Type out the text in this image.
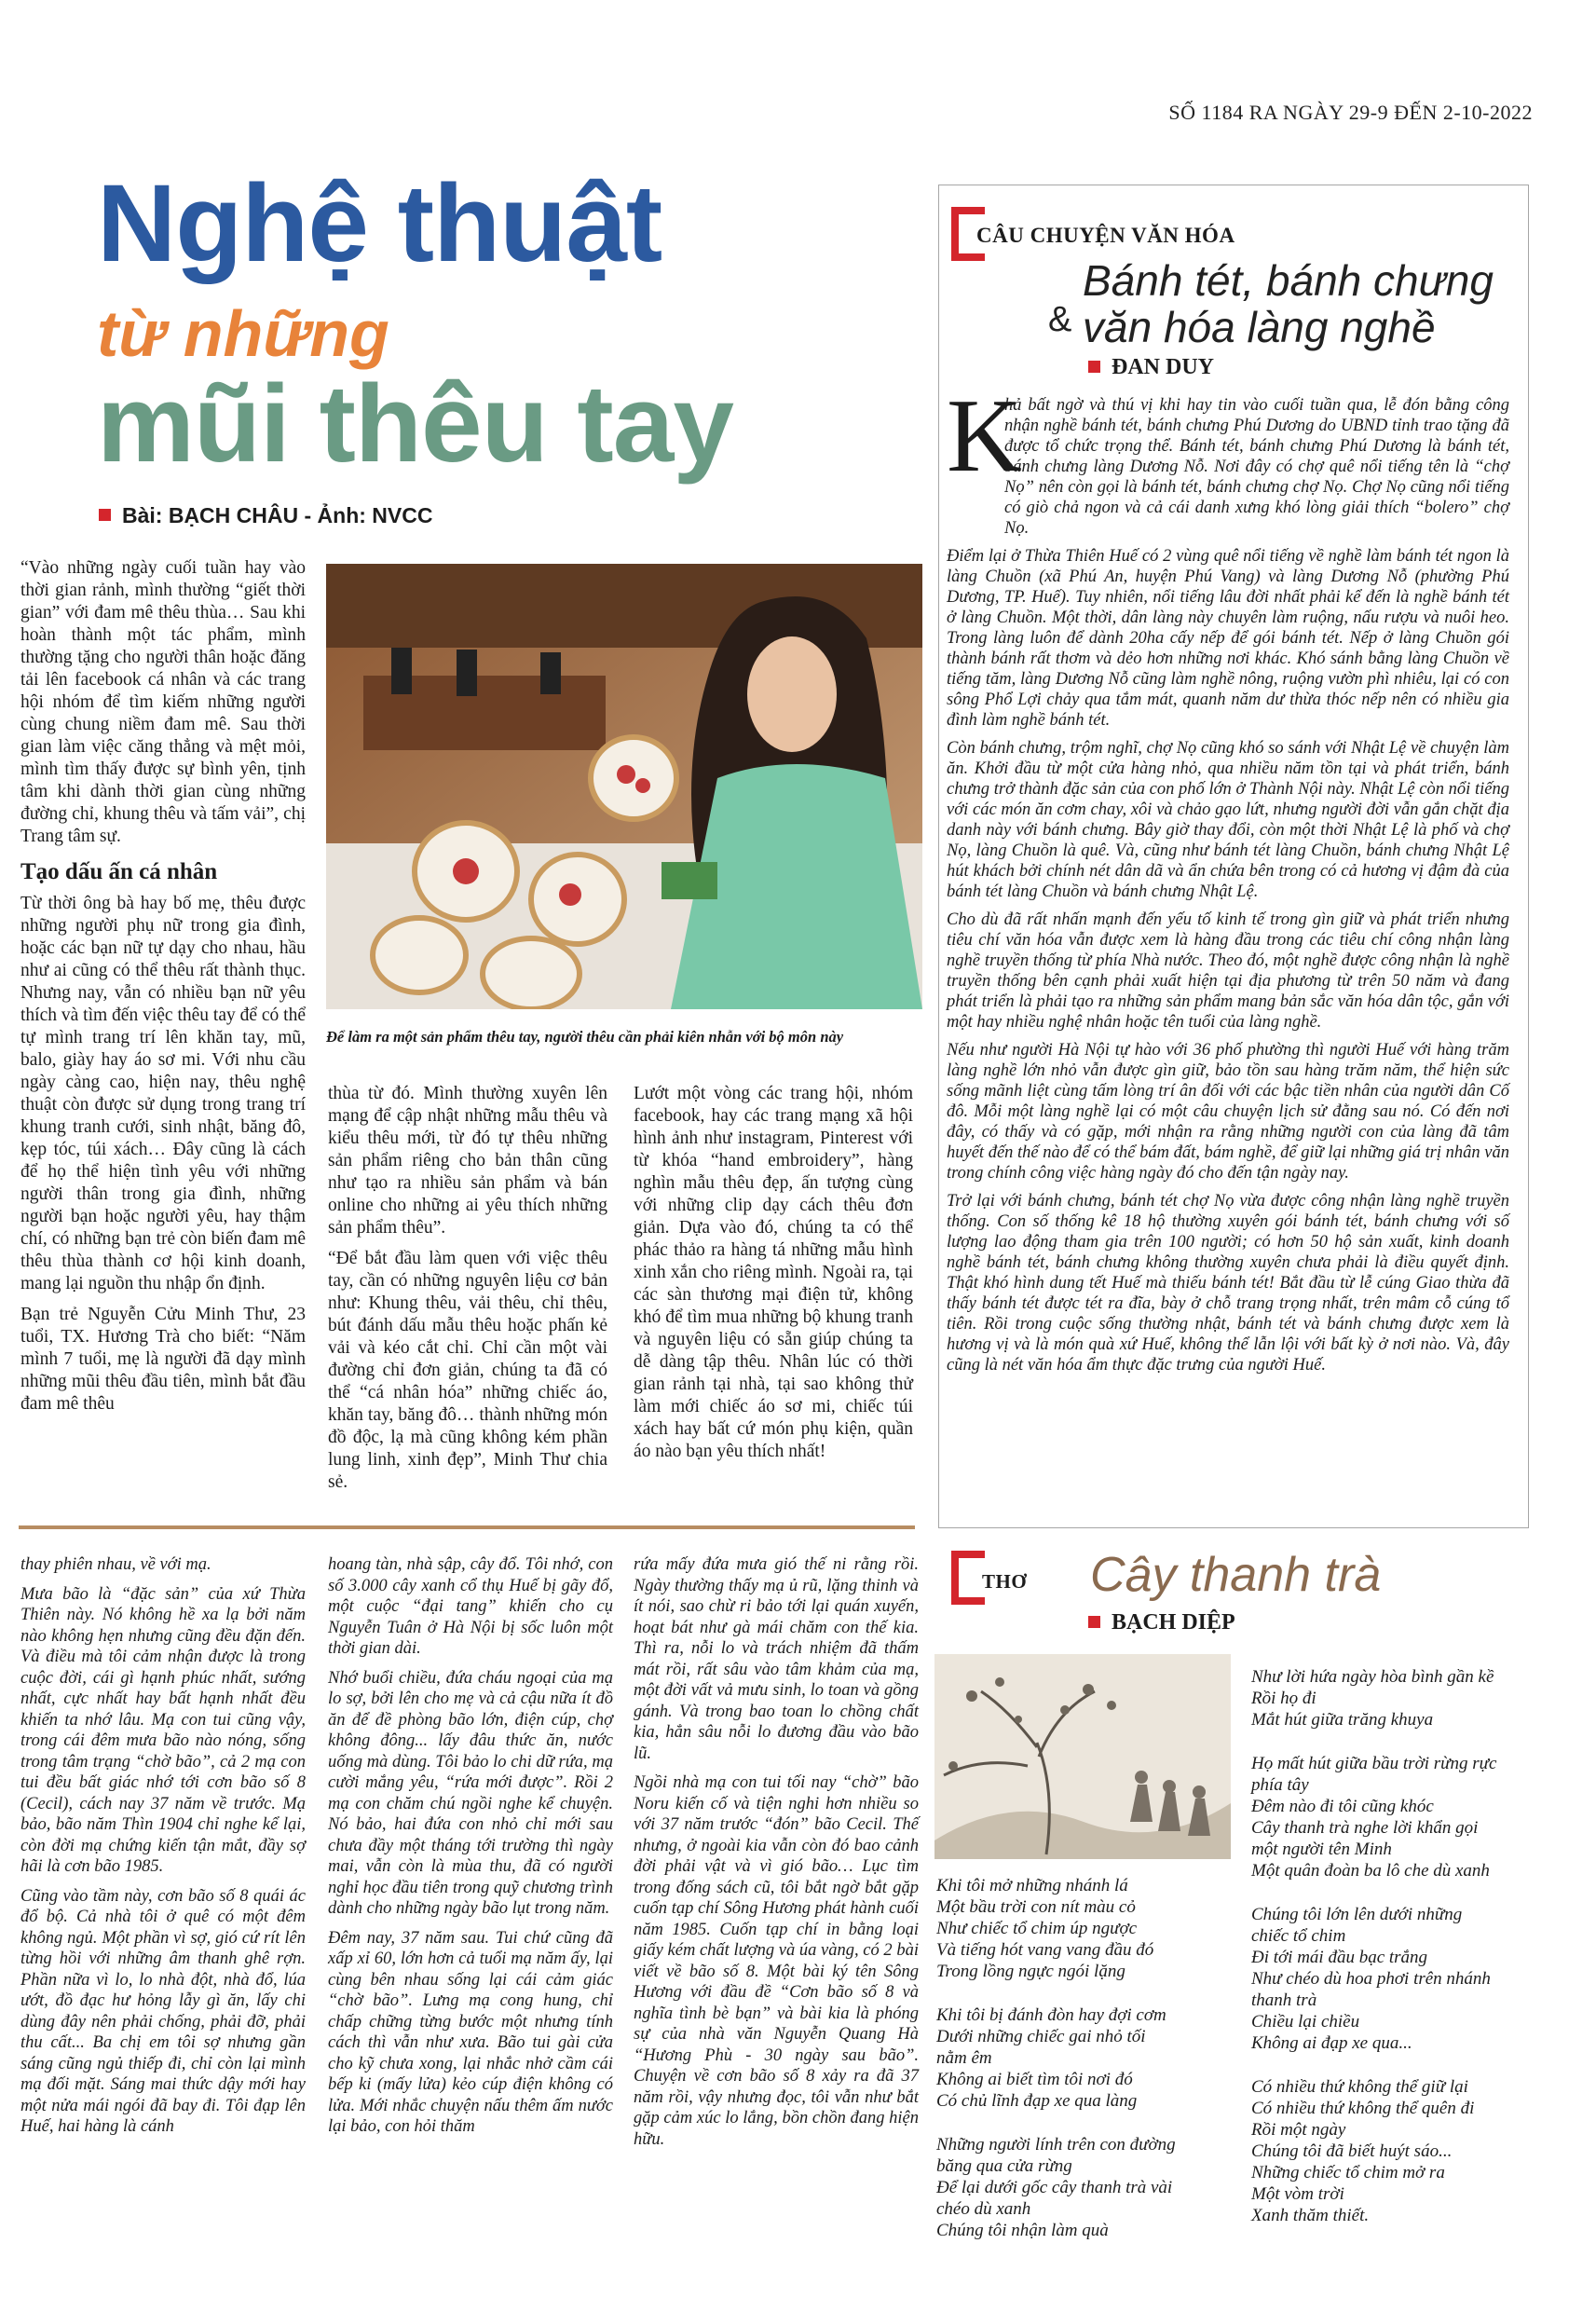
SỐ 1184 RA NGÀY 29-9 ĐẾN 2-10-2022
Nghệ thuật
từ những
mũi thêu tay
Bài: BẠCH CHÂU - Ảnh: NVCC
Để làm ra một sản phẩm thêu tay, người thêu cần phải kiên nhẫn với bộ môn này

“Vào những ngày cuối tuần hay vào thời gian rảnh, mình thường “giết thời gian” với đam mê thêu thùa… Sau khi hoàn thành một tác phẩm, mình thường tặng cho người thân hoặc đăng tải lên facebook cá nhân và các trang hội nhóm để tìm kiếm những người cùng chung niềm đam mê. Sau thời gian làm việc căng thẳng và mệt mỏi, mình tìm thấy được sự bình yên, tịnh tâm khi dành thời gian cùng những đường chỉ, khung thêu và tấm vải”, chị Trang tâm sự.

Tạo dấu ấn cá nhân

Từ thời ông bà hay bố mẹ, thêu được những người phụ nữ trong gia đình, hoặc các bạn nữ tự dạy cho nhau, hầu như ai cũng có thể thêu rất thành thục. Nhưng nay, vẫn có nhiều bạn nữ yêu thích và tìm đến việc thêu tay để có thể tự mình trang trí lên khăn tay, mũ, balo, giày hay áo sơ mi. Với nhu cầu ngày càng cao, hiện nay, thêu nghệ thuật còn được sử dụng trong trang trí khung tranh cưới, sinh nhật, băng đô, kẹp tóc, túi xách… Đây cũng là cách để họ thể hiện tình yêu với những người thân trong gia đình, những người bạn hoặc người yêu, hay thậm chí, có những bạn trẻ còn biến đam mê thêu thùa thành cơ hội kinh doanh, mang lại nguồn thu nhập ổn định.

Bạn trẻ Nguyễn Cửu Minh Thư, 23 tuổi, TX. Hương Trà cho biết: “Năm mình 7 tuổi, mẹ là người đã dạy mình những mũi thêu đầu tiên, mình bắt đầu đam mê thêu

thùa từ đó. Mình thường xuyên lên mạng để cập nhật những mẫu thêu và kiểu thêu mới, từ đó tự thêu những sản phẩm riêng cho bản thân cũng như tạo ra nhiều sản phẩm và bán online cho những ai yêu thích những sản phẩm thêu”.

“Để bắt đầu làm quen với việc thêu tay, cần có những nguyên liệu cơ bản như: Khung thêu, vải thêu, chỉ thêu, bút đánh dấu mẫu thêu hoặc phấn kẻ vải và kéo cắt chỉ. Chỉ cần một vài đường chỉ đơn giản, chúng ta đã có thể “cá nhân hóa” những chiếc áo, khăn tay, băng đô… thành những món đồ độc, lạ mà cũng không kém phần lung linh, xinh đẹp”, Minh Thư chia sẻ.

Lướt một vòng các trang hội, nhóm facebook, hay các trang mạng xã hội hình ảnh như instagram, Pinterest với từ khóa “hand embroidery”, hàng nghìn mẫu thêu đẹp, ấn tượng cùng với những clip dạy cách thêu đơn giản. Dựa vào đó, chúng ta có thể phác thảo ra hàng tá những mẫu hình xinh xắn cho riêng mình. Ngoài ra, tại các sàn thương mại điện tử, không khó để tìm mua những bộ khung tranh và nguyên liệu có sẵn giúp chúng ta dễ dàng tập thêu. Nhân lúc có thời gian rảnh tại nhà, tại sao không thử làm mới chiếc áo sơ mi, chiếc túi xách hay bất cứ món phụ kiện, quần áo nào bạn yêu thích nhất!

CÂU CHUYỆN VĂN HÓA
Bánh tét, bánh chưng
văn hóa làng nghề
&
ĐAN DUY
K

hả bất ngờ và thú vị khi hay tin vào cuối tuần qua, lễ đón bằng công nhận nghề bánh tét, bánh chưng Phú Dương do UBND tỉnh trao tặng đã được tổ chức trọng thể. Bánh tét, bánh chưng Phú Dương là bánh tét, bánh chưng làng Dương Nỗ. Nơi đây có chợ quê nổi tiếng tên là “chợ Nọ” nên còn gọi là bánh tét, bánh chưng chợ Nọ. Chợ Nọ cũng nổi tiếng có giò chả ngon và cả cái danh xưng khó lòng giải thích “bolero” chợ Nọ.

Điểm lại ở Thừa Thiên Huế có 2 vùng quê nổi tiếng về nghề làm bánh tét ngon là làng Chuồn (xã Phú An, huyện Phú Vang) và làng Dương Nỗ (phường Phú Dương, TP. Huế). Tuy nhiên, nổi tiếng lâu đời nhất phải kể đến là nghề bánh tét ở làng Chuồn. Một thời, dân làng này chuyên làm ruộng, nấu rượu và nuôi heo. Trong làng luôn để dành 20ha cấy nếp để gói bánh tét. Nếp ở làng Chuồn gói thành bánh rất thơm và dẻo hơn những nơi khác. Khó sánh bằng làng Chuồn về tiếng tăm, làng Dương Nỗ cũng làm nghề nông, ruộng vườn phì nhiêu, lại có con sông Phổ Lợi chảy qua tắm mát, quanh năm dư thừa thóc nếp nên có nhiều gia đình làm nghề bánh tét.

Còn bánh chưng, trộm nghĩ, chợ Nọ cũng khó so sánh với Nhật Lệ về chuyện làm ăn. Khởi đầu từ một cửa hàng nhỏ, qua nhiều năm tồn tại và phát triển, bánh chưng trở thành đặc sản của con phố lớn ở Thành Nội này. Nhật Lệ còn nổi tiếng với các món ăn cơm chay, xôi và chảo gạo lứt, nhưng người đời vẫn gắn chặt địa danh này với bánh chưng. Bây giờ thay đổi, còn một thời Nhật Lệ là phố và chợ Nọ, làng Chuồn là quê. Và, cũng như bánh tét làng Chuồn, bánh chưng Nhật Lệ hút khách bởi chính nét dân dã và ẩn chứa bên trong có cả hương vị đậm đà của bánh tét làng Chuồn và bánh chưng Nhật Lệ.

Cho dù đã rất nhấn mạnh đến yếu tố kinh tế trong gìn giữ và phát triển nhưng tiêu chí văn hóa vẫn được xem là hàng đầu trong các tiêu chí công nhận làng nghề truyền thống từ phía Nhà nước. Theo đó, một nghề được công nhận là nghề truyền thống bên cạnh phải xuất hiện tại địa phương từ trên 50 năm và đang phát triển là phải tạo ra những sản phẩm mang bản sắc văn hóa dân tộc, gắn với một hay nhiều nghệ nhân hoặc tên tuổi của làng nghề.

Nếu như người Hà Nội tự hào với 36 phố phường thì người Huế với hàng trăm làng nghề lớn nhỏ vẫn được gìn giữ, bảo tồn sau hàng trăm năm, thể hiện sức sống mãnh liệt cùng tấm lòng trí ân đối với các bậc tiền nhân của người dân Cố đô. Mỗi một làng nghề lại có một câu chuyện lịch sử đằng sau nó. Có đến nơi đây, có thấy và có gặp, mới nhận ra rằng những người con của làng đã tâm huyết đến thế nào để có thể bám đất, bám nghề, để giữ lại những giá trị nhân văn trong chính công việc hàng ngày đó cho đến tận ngày nay.

Trở lại với bánh chưng, bánh tét chợ Nọ vừa được công nhận làng nghề truyền thống. Con số thống kê 18 hộ thường xuyên gói bánh tét, bánh chưng với số lượng lao động tham gia trên 100 người; có hơn 50 hộ sản xuất, kinh doanh nghề bánh tét, bánh chưng không thường xuyên chưa phải là điều quyết định. Thật khó hình dung tết Huế mà thiếu bánh tét! Bắt đầu từ lễ cúng Giao thừa đã thấy bánh tét được tét ra đĩa, bày ở chỗ trang trọng nhất, trên mâm cỗ cúng tổ tiên. Rồi trong cuộc sống thường nhật, bánh tét và bánh chưng được xem là hương vị và là món quà xứ Huế, không thể lẫn lội với bất kỳ ở nơi nào. Và, đây cũng là nét văn hóa ẩm thực đặc trưng của người Huế.

thay phiên nhau, về với mạ.

Mưa bão là “đặc sản” của xứ Thừa Thiên này. Nó không hề xa lạ bởi năm nào không hẹn nhưng cũng đều đặn đến. Và điều mà tôi cảm nhận được là trong cuộc đời, cái gì hạnh phúc nhất, sướng nhất, cực nhất hay bất hạnh nhất đều khiến ta nhớ lâu. Mạ con tui cũng vậy, trong cái đêm mưa bão nào nóng, sống trong tâm trạng “chờ bão”, cả 2 mạ con tui đều bất giác nhớ tới cơn bão số 8 (Cecil), cách nay 37 năm về trước. Mạ bảo, bão năm Thìn 1904 chỉ nghe kể lại, còn đời mạ chứng kiến tận mắt, đầy sợ hãi là cơn bão 1985.

Cũng vào tầm này, cơn bão số 8 quái ác đổ bộ. Cả nhà tôi ở quê có một đêm không ngủ. Một phần vì sợ, gió cứ rít lên từng hồi với những âm thanh ghê rợn. Phần nữa vì lo, lo nhà đột, nhà đổ, lúa ướt, đồ đạc hư hỏng lẫy gì ăn, lấy chi dùng đây nên phải chống, phải đỡ, phải thu cất... Ba chị em tôi sợ nhưng gần sáng cũng ngủ thiếp đi, chỉ còn lại mình mạ đối mặt. Sáng mai thức dậy mới hay một nửa mái ngói đã bay đi. Tôi đạp lên Huế, hai hàng là cánh

hoang tàn, nhà sập, cây đổ. Tôi nhớ, con số 3.000 cây xanh cổ thụ Huế bị gãy đổ, một cuộc “đại tang” khiến cho cụ Nguyễn Tuân ở Hà Nội bị sốc luôn một thời gian dài.

Nhớ buổi chiều, đứa cháu ngoại của mạ lo sợ, bởi lên cho mẹ và cả cậu nữa ít đồ ăn để đề phòng bão lớn, điện cúp, chợ không đông... lấy đâu thức ăn, nước uống mà dùng. Tôi bảo lo chi dữ rứa, mạ cười mắng yêu, “rứa mới được”. Rồi 2 mạ con chăm chú ngồi nghe kể chuyện. Nó bảo, hai đứa con nhỏ chỉ mới sau chưa đầy một tháng tới trường thì ngày mai, vẫn còn là mùa thu, đã có người nghỉ học đầu tiên trong quỹ chương trình dành cho những ngày bão lụt trong năm.

Đêm nay, 37 năm sau. Tui chứ cũng đã xấp xỉ 60, lớn hơn cả tuổi mạ năm ấy, lại cùng bên nhau sống lại cái cảm giác “chờ bão”. Lưng mạ cong hung, chỉ chấp chững từng bước một nhưng tính cách thì vẫn như xưa. Bão tui gài cửa cho kỹ chưa xong, lại nhắc nhở cầm cái bếp ki (mấy lửa) kẻo cúp điện không có lửa. Mới nhắc chuyện nấu thêm ấm nước lại bảo, con hỏi thăm

rứa mấy đứa mưa gió thế ni rằng rồi. Ngày thường thấy mạ ủ rũ, lặng thinh và ít nói, sao chừ ri bảo tới lại quán xuyến, hoạt bát như gà mái chăm con thế kia. Thì ra, nỗi lo và trách nhiệm đã thấm mát rồi, rất sâu vào tâm khảm của mạ, một đời vất vả mưu sinh, lo toan và gồng gánh. Và trong bao toan lo chồng chất kia, hẳn sâu nỗi lo đương đầu vào bão lũ.

Ngồi nhà mạ con tui tối nay “chờ” bão Noru kiến cố và tiện nghi hơn nhiều so với 37 năm trước “đón” bão Cecil. Thế nhưng, ở ngoài kia vẫn còn đó bao cảnh đời phải vật và vì gió bão… Lục tìm trong đống sách cũ, tôi bắt ngờ bắt gặp cuốn tạp chí Sông Hương phát hành cuối năm 1985. Cuốn tạp chí in bằng loại giấy kém chất lượng và úa vàng, có 2 bài viết về bão số 8. Một bài ký tên Sông Hương với đầu đề “Cơn bão số 8 và nghĩa tình bè bạn” và bài kia là phóng sự của nhà văn Nguyễn Quang Hà “Hương Phù - 30 ngày sau bão”. Chuyện về cơn bão số 8 xảy ra đã 37 năm rồi, vậy nhưng đọc, tôi vẫn như bắt gặp cảm xúc lo lắng, bồn chồn đang hiện hữu.

THƠ Cây thanh trà
BẠCH DIỆP

Như lời hứa ngày hòa bình gần kề
Rồi họ đi
Mắt hút giữa trăng khuya

Họ mất hút giữa bầu trời rừng rực
phía tây
Đêm nào đi tôi cũng khóc
Cây thanh trà nghe lời khẩn gọi
một người tên Minh
Một quân đoàn ba lô che dù xanh

Chúng tôi lớn lên dưới những
chiếc tổ chim
Đi tới mái đầu bạc trắng
Như chéo dù hoa phơi trên nhánh
thanh trà
Chiều lại chiều
Không ai đạp xe qua...

Có nhiều thứ không thể giữ lại
Có nhiều thứ không thể quên đi
Rồi một ngày
Chúng tôi đã biết huýt sáo...
Những chiếc tổ chim mở ra
Một vòm trời
Xanh thăm thiết.

Khi tôi mở những nhánh lá
Một bầu trời con nít màu cỏ
Như chiếc tổ chim úp ngược
Và tiếng hót vang vang đầu đó
Trong lồng ngực ngói lặng

Khi tôi bị đánh đòn hay đợi cơm
Dưới những chiếc gai nhỏ tối
nằm êm
Không ai biết tìm tôi nơi đó
Có chủ lĩnh đạp xe qua làng

Những người lính trên con đường
băng qua cửa rừng
Để lại dưới gốc cây thanh trà vài
chéo dù xanh
Chúng tôi nhận làm quà
